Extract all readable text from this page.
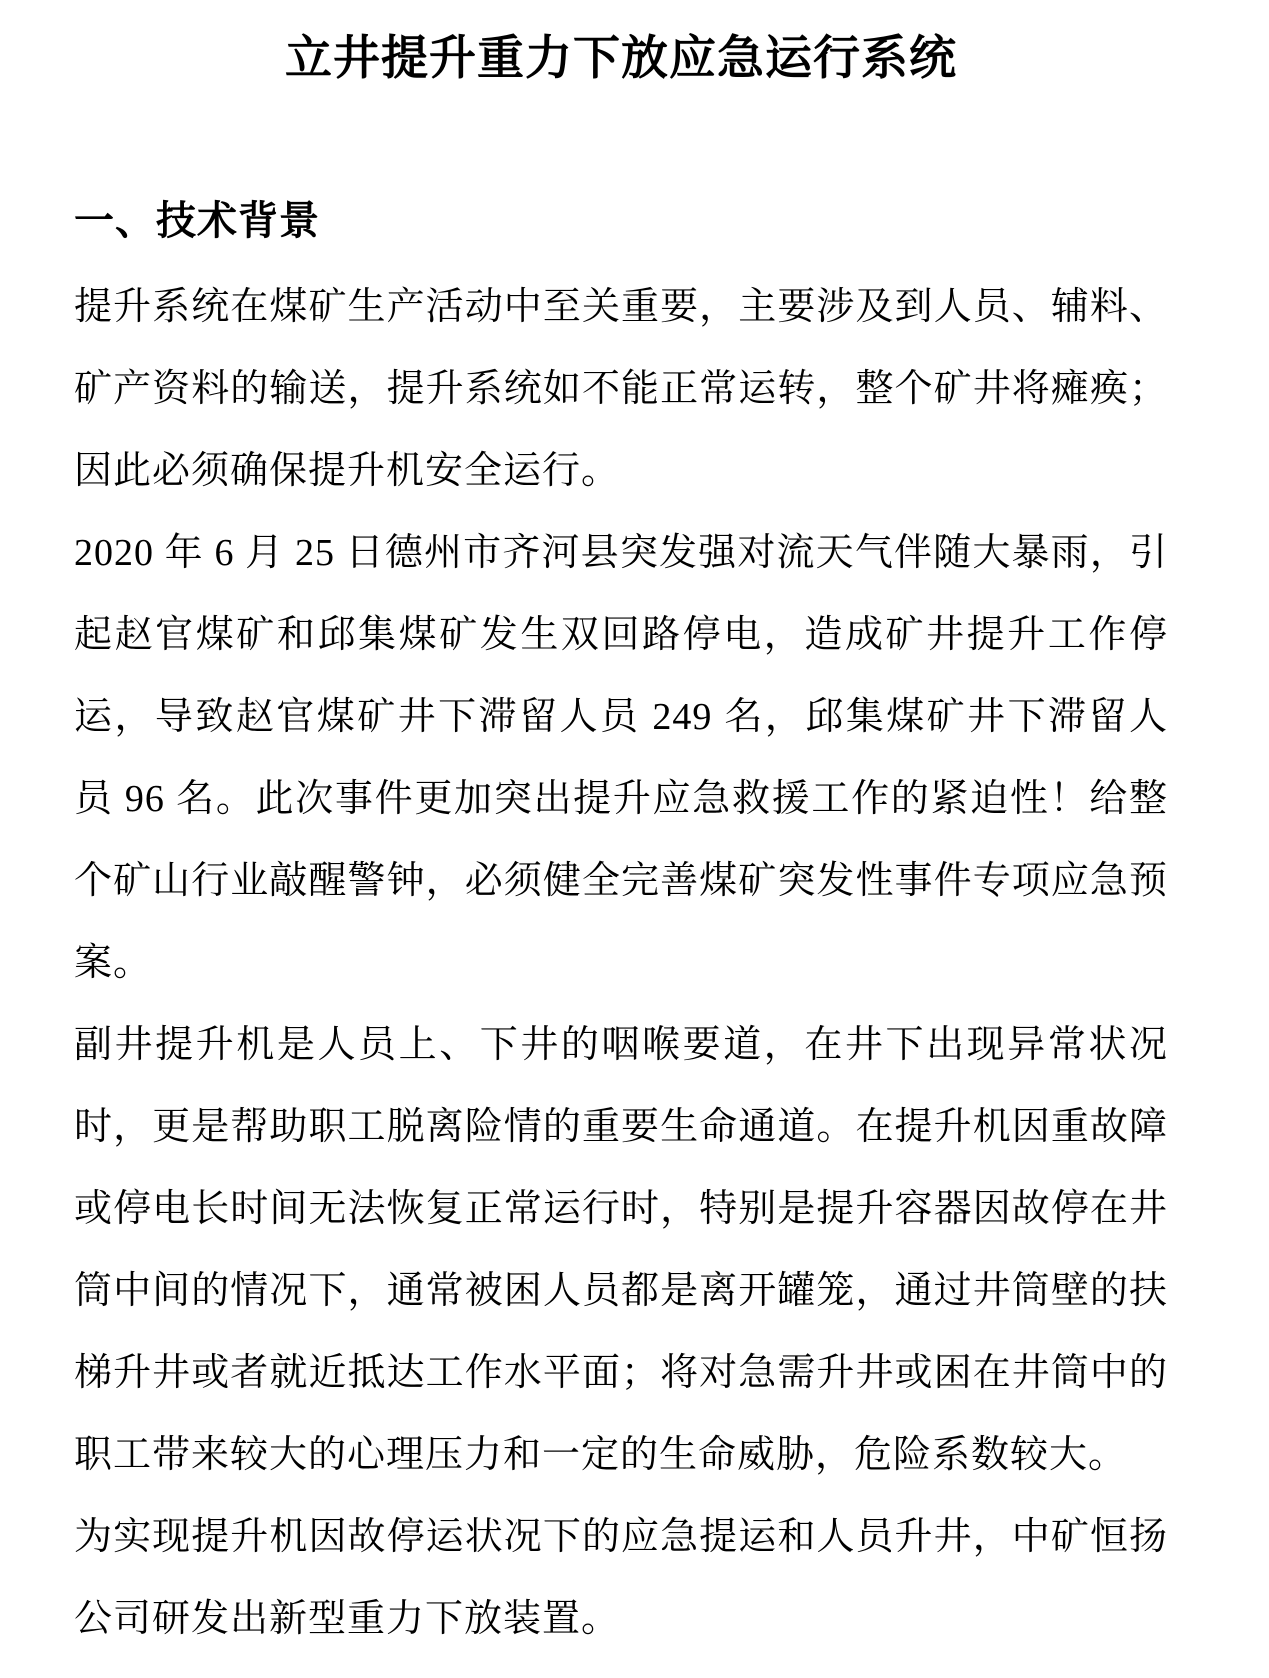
立井提升重力下放应急运行系统
一、技术背景

提升系统在煤矿生产活动中至关重要，主要涉及到人员、辅料、矿产资料的输送，提升系统如不能正常运转，整个矿井将瘫痪；因此必须确保提升机安全运行。

2020 年 6 月 25 日德州市齐河县突发强对流天气伴随大暴雨，引起赵官煤矿和邱集煤矿发生双回路停电，造成矿井提升工作停运，导致赵官煤矿井下滞留人员 249 名，邱集煤矿井下滞留人员 96 名。此次事件更加突出提升应急救援工作的紧迫性！给整个矿山行业敲醒警钟，必须健全完善煤矿突发性事件专项应急预案。

副井提升机是人员上、下井的咽喉要道，在井下出现异常状况时，更是帮助职工脱离险情的重要生命通道。在提升机因重故障或停电长时间无法恢复正常运行时，特别是提升容器因故停在井筒中间的情况下，通常被困人员都是离开罐笼，通过井筒壁的扶梯升井或者就近抵达工作水平面；将对急需升井或困在井筒中的职工带来较大的心理压力和一定的生命威胁，危险系数较大。

为实现提升机因故停运状况下的应急提运和人员升井，中矿恒扬公司研发出新型重力下放装置。
